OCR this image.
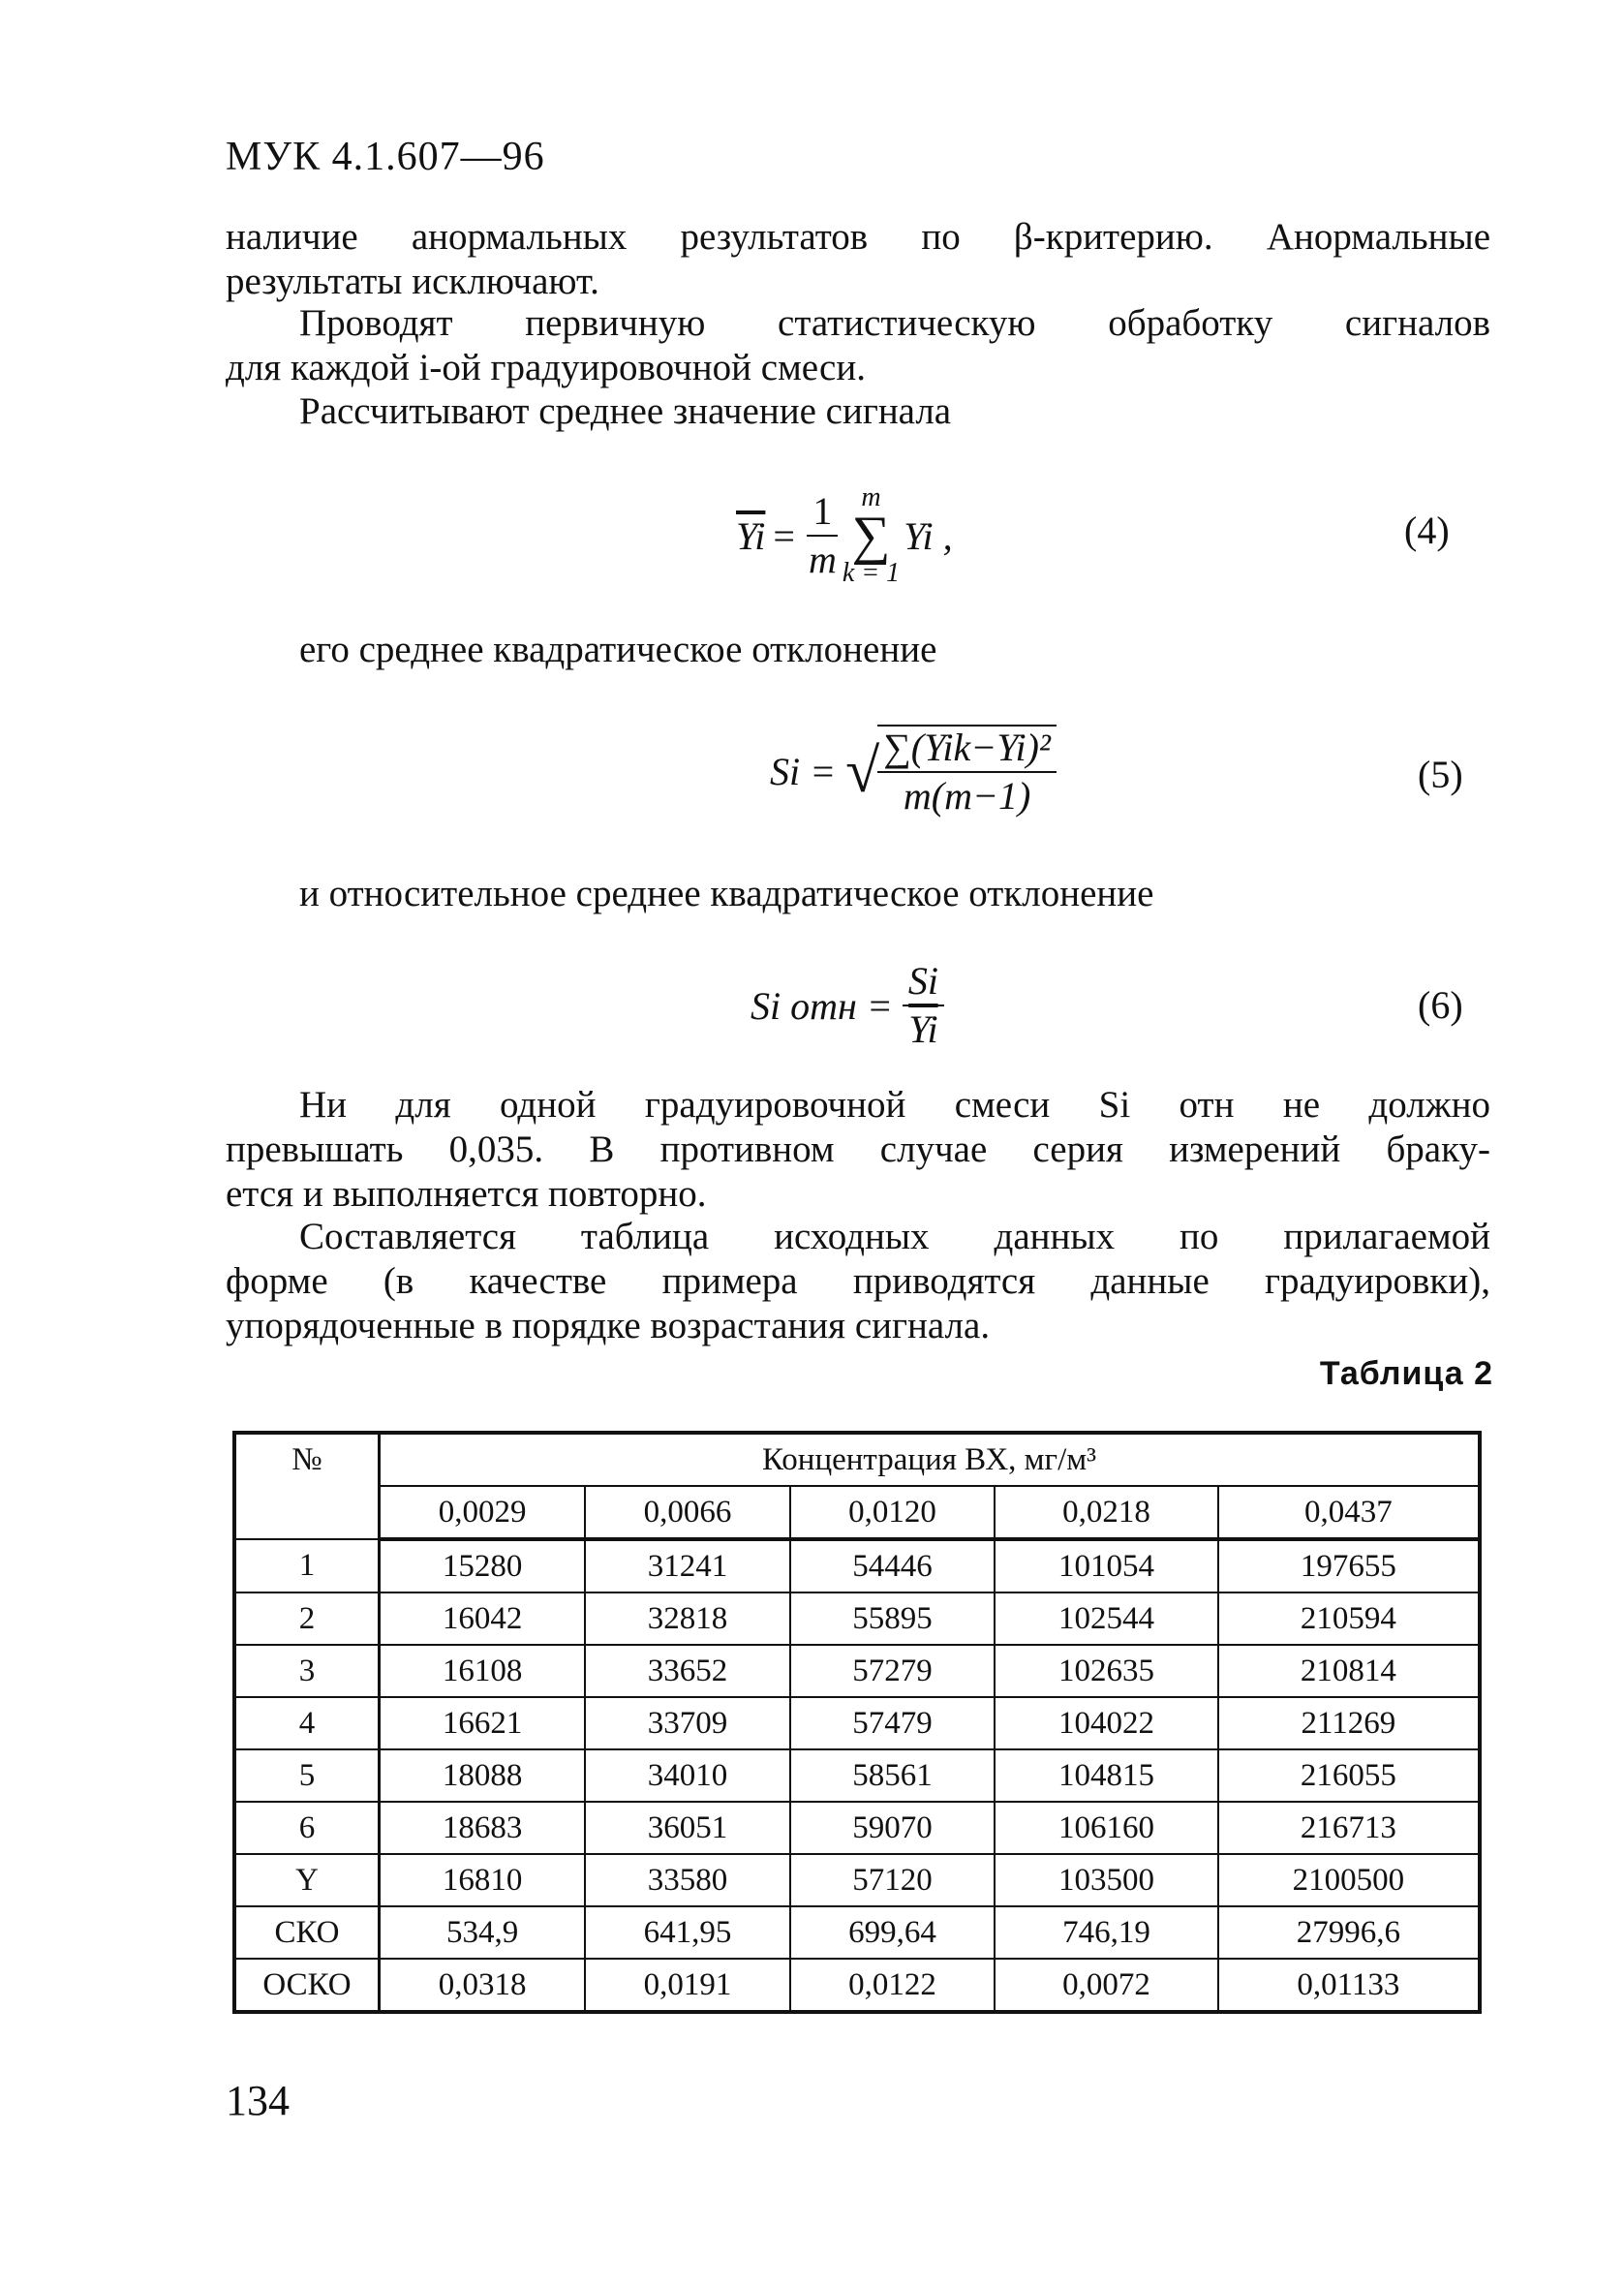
МУК 4.1.607—96
наличие анормальных результатов по β-критерию. Анормальные
результаты исключают.
Проводят первичную статистическую обработку сигналов
для каждой i-ой градуировочной смеси.
Рассчитывают среднее значение сигнала
$\overline{Yi} = \frac{1}{m}$ m
∑
k = 1
Yi ,	(4)
его среднее квадратическое отклонение
Si = √
$\frac{\text{∑(Yik−Yi)²}}{m(m-1)}$	(5)
и относительное среднее квадратическое отклонение
Si отн = $\frac{Si}{Yi}$	(6)
Ни для одной градуировочной смеси Si отн не должно
превышать 0,035. В противном случае серия измерений браку-
ется и выполняется повторно.
Составляется таблица исходных данных по прилагаемой
форме (в качестве примера приводятся данные градуировки),
упорядоченные в порядке возрастания сигнала.
Таблица 2
№	Концентрация ВХ, мг/м³				
	0,0029	0,0066	0,0120	0,0218	0,0437
1	15280	31241	54446	101054	197655
2	16042	32818	55895	102544	210594
3	16108	33652	57279	102635	210814
4	16621	33709	57479	104022	211269
5	18088	34010	58561	104815	216055
6	18683	36051	59070	106160	216713
Y	16810	33580	57120	103500	2100500
СКО	534,9	641,95	699,64	746,19	27996,6
ОСКО	0,0318	0,0191	0,0122	0,0072	0,01133
134
